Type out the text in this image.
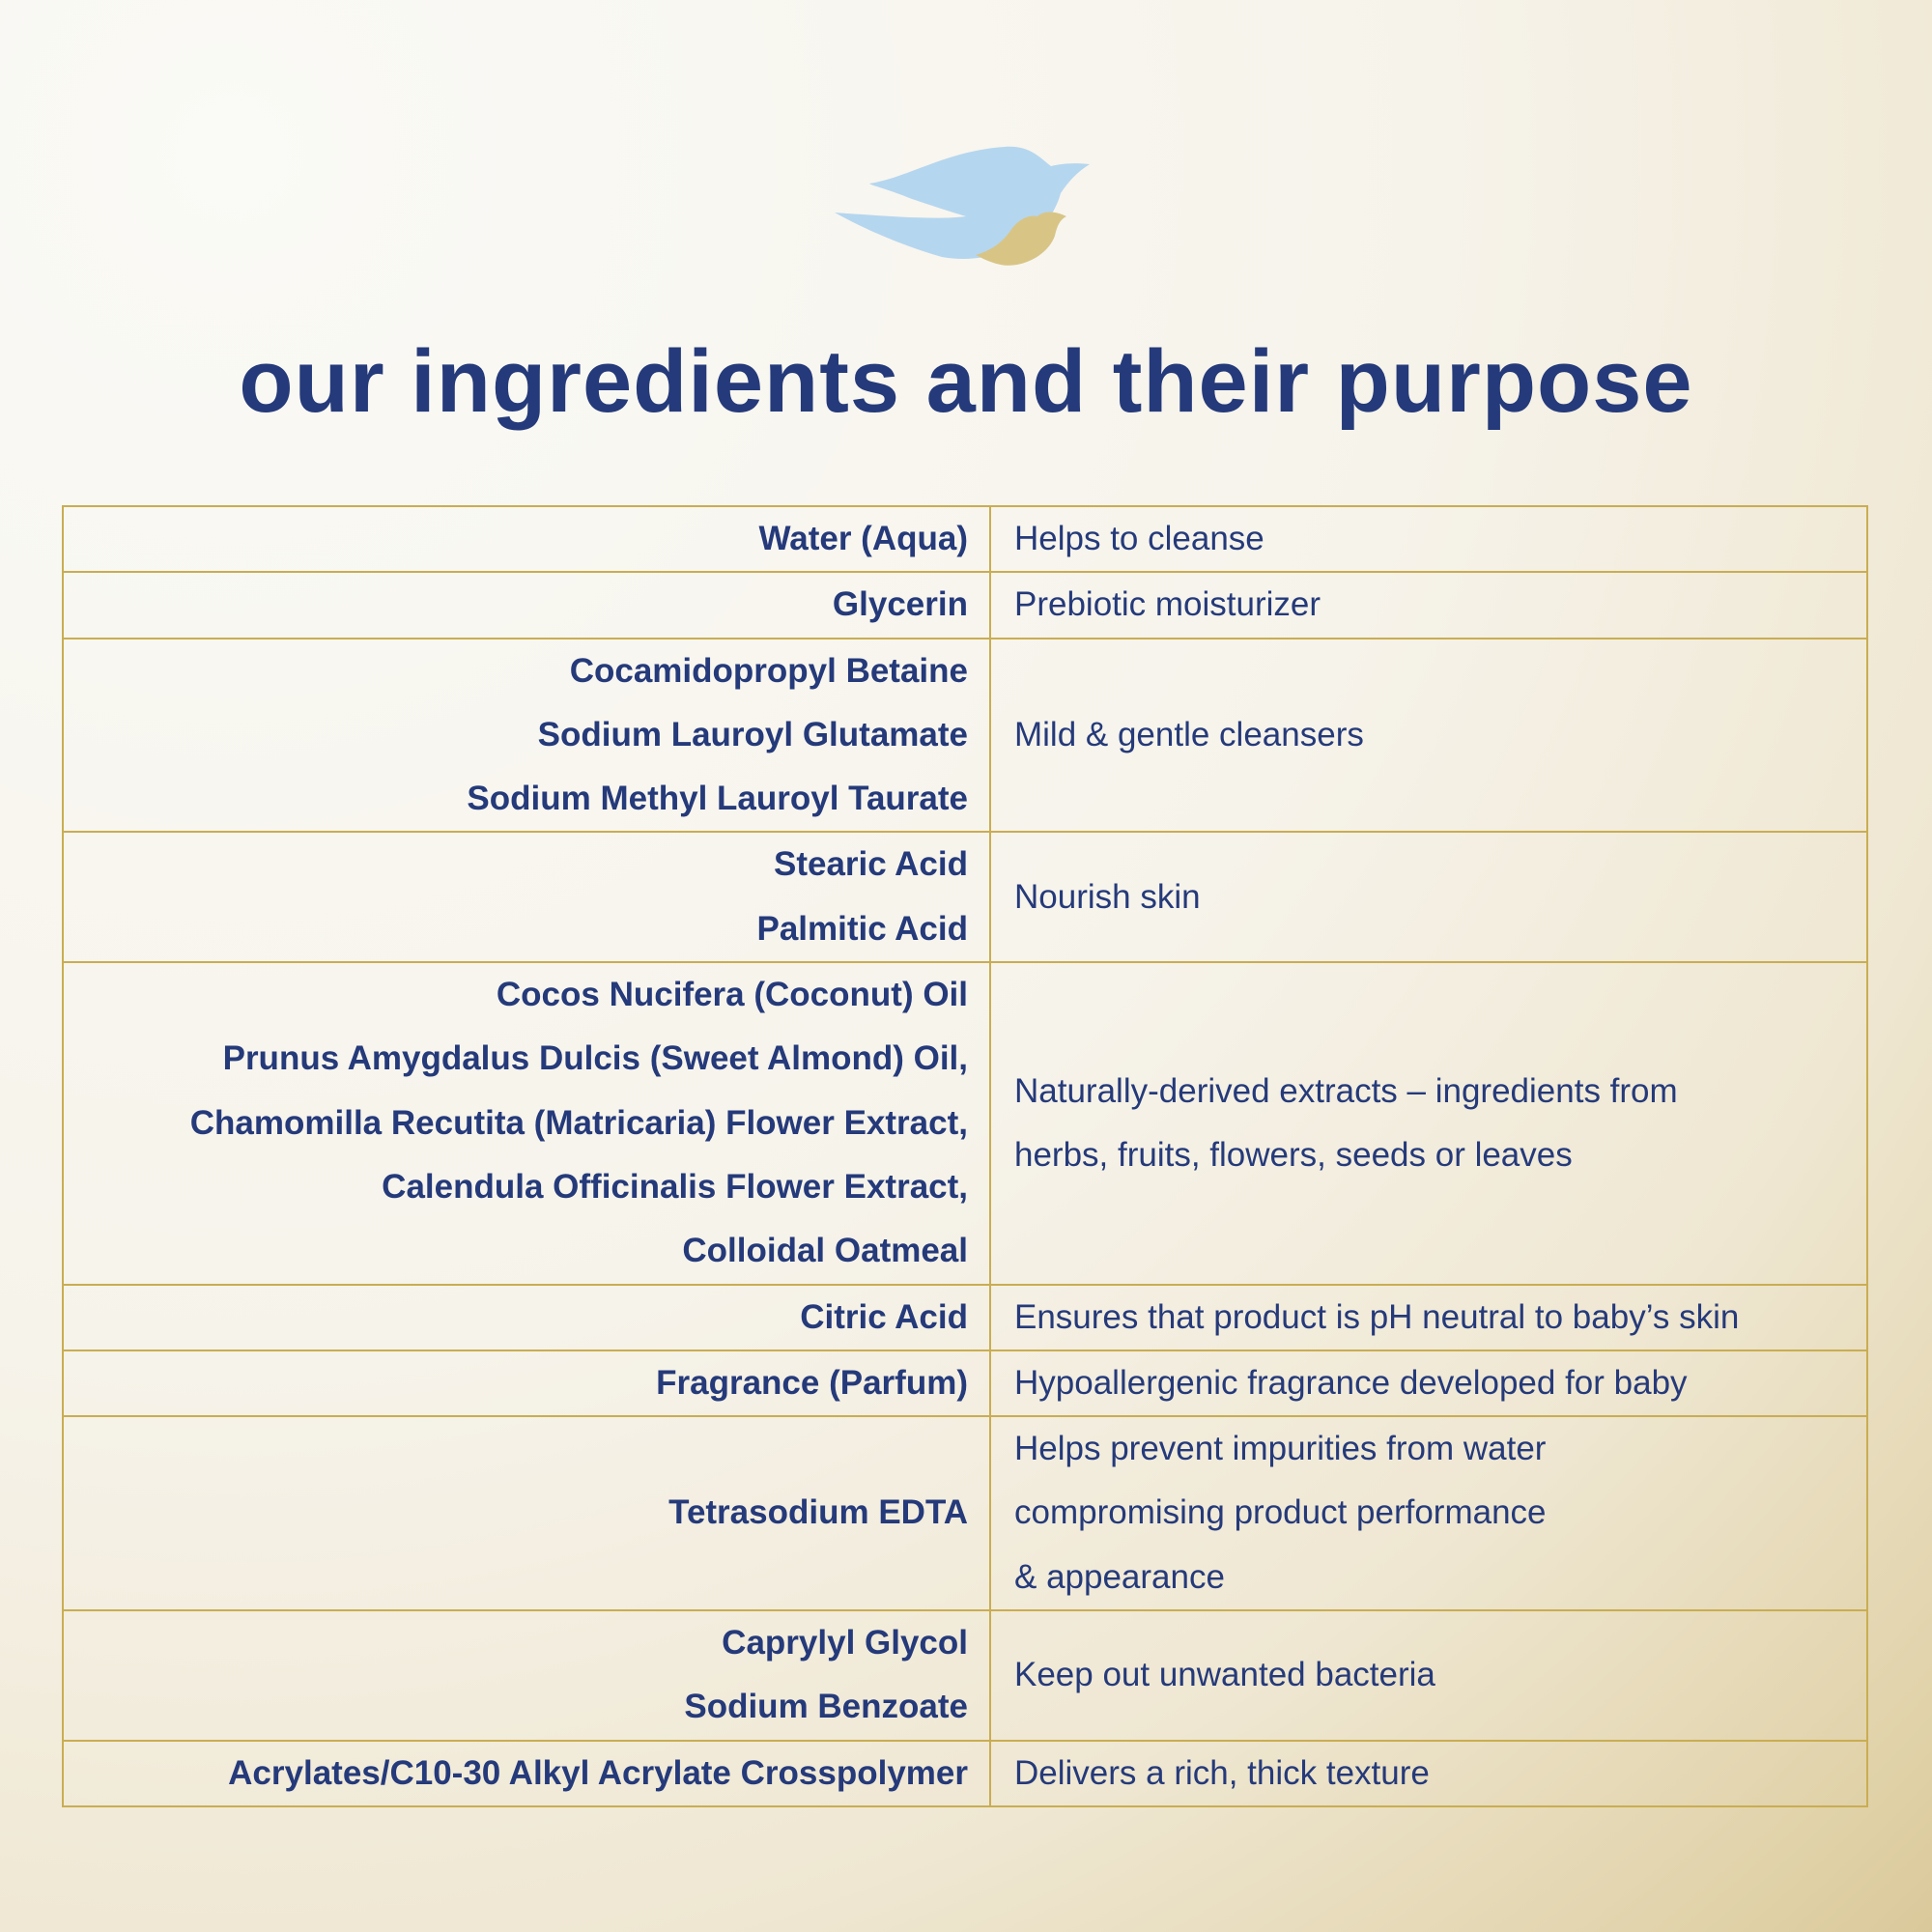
our ingredients and their purpose
Water (Aqua)	Helps to cleanse

Glycerin	Prebiotic moisturizer

Cocamidopropyl Betaine
Sodium Lauroyl Glutamate
Sodium Methyl Lauroyl Taurate	Mild & gentle cleansers

Stearic Acid
Palmitic Acid	Nourish skin

Cocos Nucifera (Coconut) Oil
Prunus Amygdalus Dulcis (Sweet Almond) Oil,
Chamomilla Recutita (Matricaria) Flower Extract,
Calendula Officinalis Flower Extract,
Colloidal Oatmeal	Naturally-derived extracts – ingredients from
herbs, fruits, flowers, seeds or leaves

Citric Acid	Ensures that product is pH neutral to baby’s skin

Fragrance (Parfum)	Hypoallergenic fragrance developed for baby

Tetrasodium EDTA	Helps prevent impurities from water
compromising product performance
& appearance

Caprylyl Glycol
Sodium Benzoate	Keep out unwanted bacteria

Acrylates/C10-30 Alkyl Acrylate Crosspolymer	Delivers a rich, thick texture
